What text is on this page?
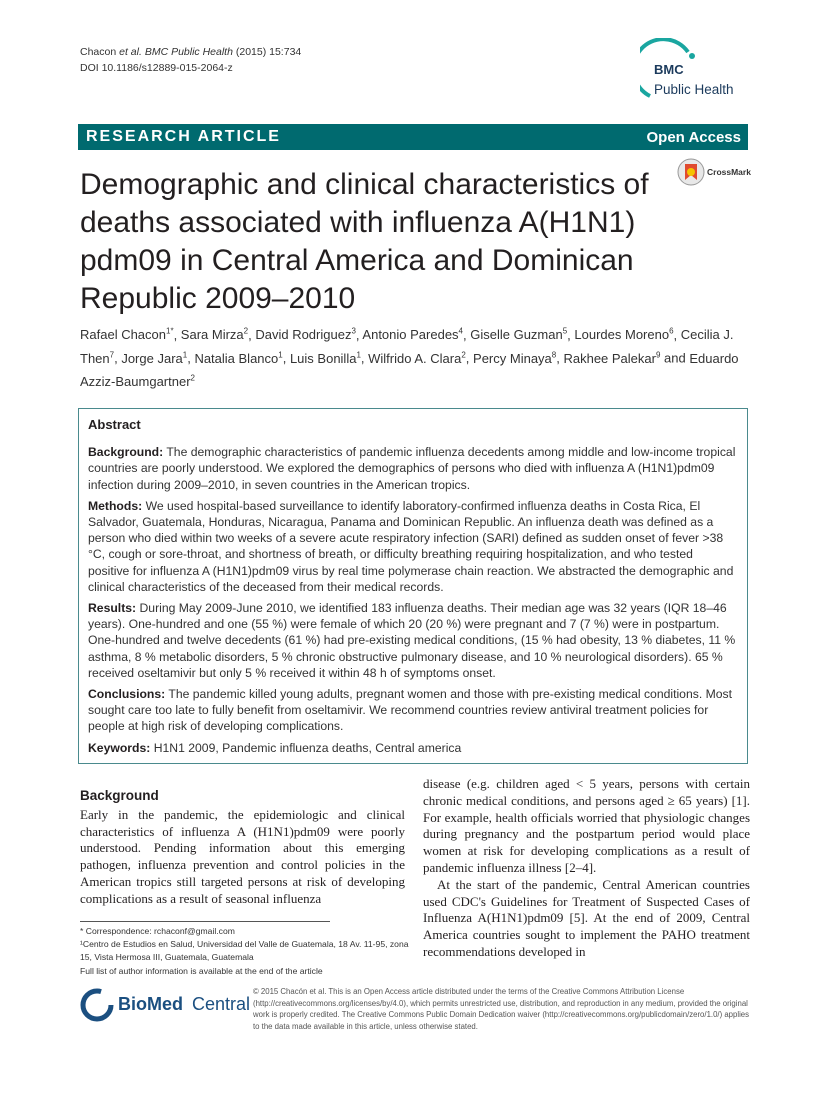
Chacon et al. BMC Public Health (2015) 15:734
DOI 10.1186/s12889-015-2064-z	BMC
Public Health
RESEARCH ARTICLE	Open Access
CrossMark
Demographic and clinical characteristics of deaths associated with influenza A(H1N1) pdm09 in Central America and Dominican Republic 2009–2010
Rafael Chacon$^{1*}$, Sara Mirza$^2$, David Rodriguez$^3$, Antonio Paredes$^4$, Giselle Guzman$^5$, Lourdes Moreno$^6$, Cecilia J. Then$^7$, Jorge Jara$^1$, Natalia Blanco$^1$, Luis Bonilla$^1$, Wilfrido A. Clara$^2$, Percy Minaya$^8$, Rakhee Palekar$^9$ and Eduardo Azziz-Baumgartner$^2$
Abstract

Background: The demographic characteristics of pandemic influenza decedents among middle and low-income tropical countries are poorly understood. We explored the demographics of persons who died with influenza A (H1N1)pdm09 infection during 2009–2010, in seven countries in the American tropics.

Methods: We used hospital-based surveillance to identify laboratory-confirmed influenza deaths in Costa Rica, El Salvador, Guatemala, Honduras, Nicaragua, Panama and Dominican Republic. An influenza death was defined as a person who died within two weeks of a severe acute respiratory infection (SARI) defined as sudden onset of fever >38 °C, cough or sore-throat, and shortness of breath, or difficulty breathing requiring hospitalization, and who tested positive for influenza A (H1N1)pdm09 virus by real time polymerase chain reaction. We abstracted the demographic and clinical characteristics of the deceased from their medical records.

Results: During May 2009-June 2010, we identified 183 influenza deaths. Their median age was 32 years (IQR 18–46 years). One-hundred and one (55 %) were female of which 20 (20 %) were pregnant and 7 (7 %) were in postpartum. One-hundred and twelve decedents (61 %) had pre-existing medical conditions, (15 % had obesity, 13 % diabetes, 11 % asthma, 8 % metabolic disorders, 5 % chronic obstructive pulmonary disease, and 10 % neurological disorders). 65 % received oseltamivir but only 5 % received it within 48 h of symptoms onset.

Conclusions: The pandemic killed young adults, pregnant women and those with pre-existing medical conditions. Most sought care too late to fully benefit from oseltamivir. We recommend countries review antiviral treatment policies for people at high risk of developing complications.

Keywords: H1N1 2009, Pandemic influenza deaths, Central america

Background

Early in the pandemic, the epidemiologic and clinical characteristics of influenza A (H1N1)pdm09 were poorly understood. Pending information about this emerging pathogen, influenza prevention and control policies in the American tropics still targeted persons at risk of developing complications as a result of seasonal influenza

disease (e.g. children aged < 5 years, persons with certain chronic medical conditions, and persons aged ≥ 65 years) [1]. For example, health officials worried that physiologic changes during pregnancy and the postpartum period would place women at risk for developing complications as a result of pandemic influenza illness [2–4].

At the start of the pandemic, Central American countries used CDC's Guidelines for Treatment of Suspected Cases of Influenza A(H1N1)pdm09 [5]. At the end of 2009, Central America countries sought to implement the PAHO treatment recommendations developed in

* Correspondence: rchaconf@gmail.com

¹Centro de Estudios en Salud, Universidad del Valle de Guatemala, 18 Av. 11-95, zona 15, Vista Hermosa III, Guatemala, Guatemala

Full list of author information is available at the end of the article

BioMed Central
© 2015 Chacón et al. This is an Open Access article distributed under the terms of the Creative Commons Attribution License (http://creativecommons.org/licenses/by/4.0), which permits unrestricted use, distribution, and reproduction in any medium, provided the original work is properly credited. The Creative Commons Public Domain Dedication waiver (http://creativecommons.org/publicdomain/zero/1.0/) applies to the data made available in this article, unless otherwise stated.
